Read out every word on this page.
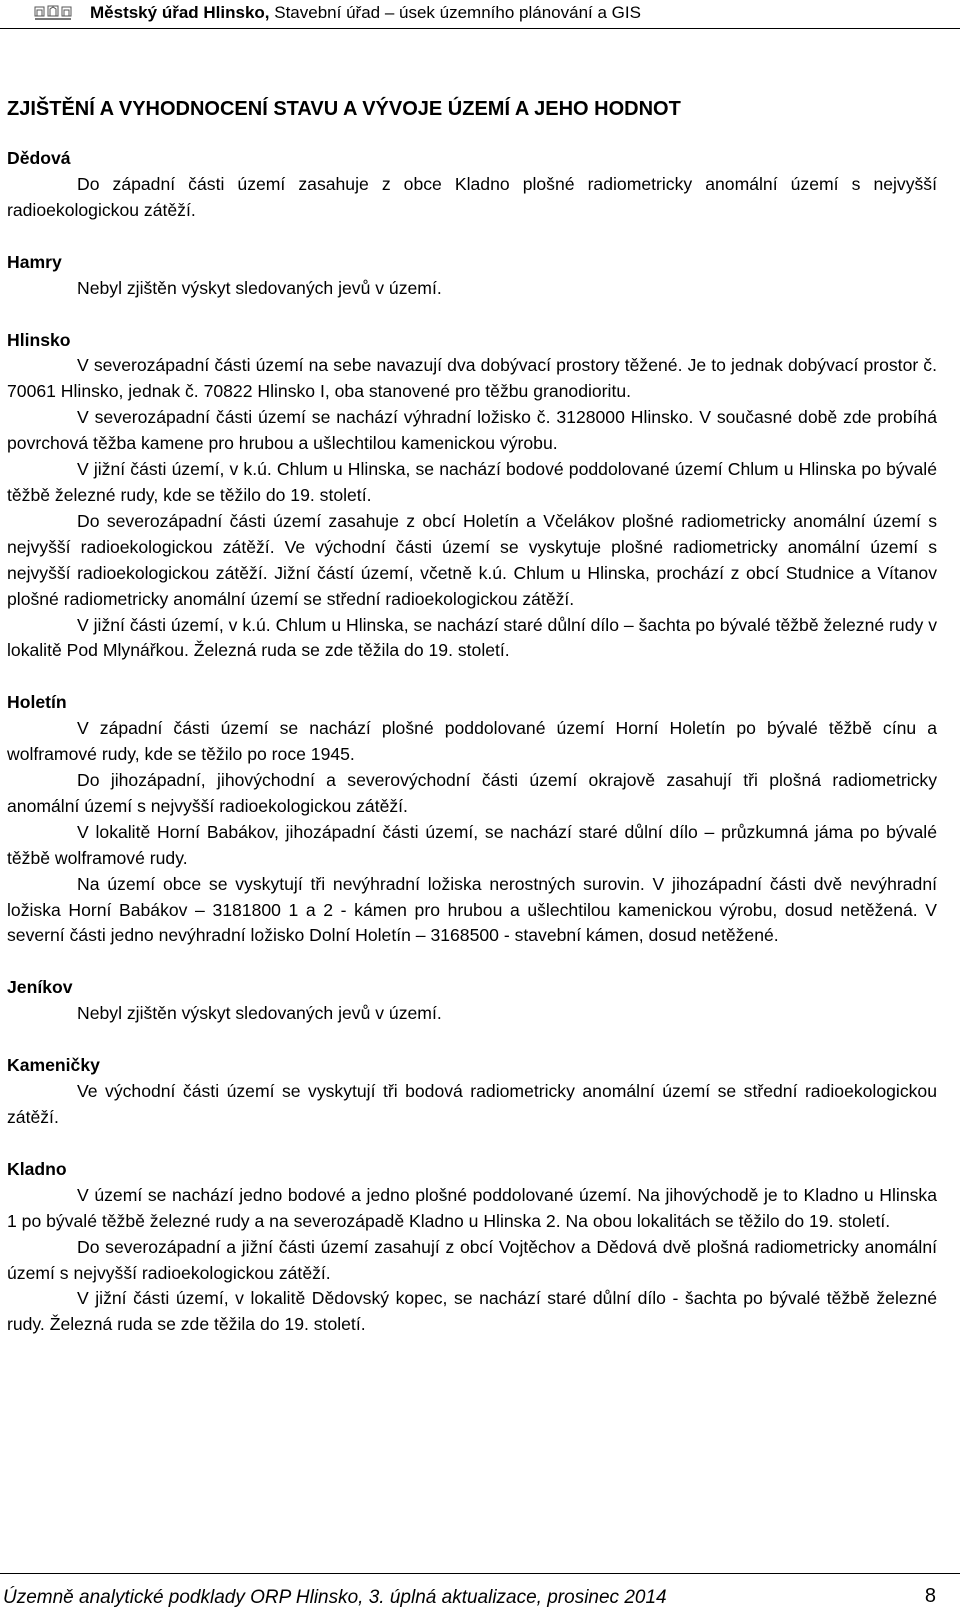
Městský úřad Hlinsko, Stavební úřad – úsek územního plánování a GIS
ZJIŠTĚNÍ A VYHODNOCENÍ STAVU A VÝVOJE ÚZEMÍ A JEHO HODNOT
Dědová

Do západní části území zasahuje z obce Kladno plošné radiometricky anomální území s nejvyšší radioekologickou zátěží.

Hamry

Nebyl zjištěn výskyt sledovaných jevů v území.

Hlinsko

V severozápadní části území na sebe navazují dva dobývací prostory těžené. Je to jednak dobývací prostor č. 70061 Hlinsko, jednak č. 70822 Hlinsko I, oba stanovené pro těžbu granodioritu.

V severozápadní části území se nachází výhradní ložisko č. 3128000 Hlinsko. V současné době zde probíhá povrchová těžba kamene pro hrubou a ušlechtilou kamenickou výrobu.

V jižní části území, v k.ú. Chlum u Hlinska, se nachází bodové poddolované území Chlum u Hlinska po bývalé těžbě železné rudy, kde se těžilo do 19. století.

Do severozápadní části území zasahuje z obcí Holetín a Včelákov plošné radiometricky anomální území s nejvyšší radioekologickou zátěží. Ve východní části území se vyskytuje plošné radiometricky anomální území s nejvyšší radioekologickou zátěží. Jižní částí území, včetně k.ú. Chlum u Hlinska, prochází z obcí Studnice a Vítanov plošné radiometricky anomální území se střední radioekologickou zátěží.

V jižní části území, v k.ú. Chlum u Hlinska, se nachází staré důlní dílo – šachta po bývalé těžbě železné rudy v lokalitě Pod Mlynářkou. Železná ruda se zde těžila do 19. století.

Holetín

V západní části území se nachází plošné poddolované území Horní Holetín po bývalé těžbě cínu a wolframové rudy, kde se těžilo po roce 1945.

Do jihozápadní, jihovýchodní a severovýchodní části území okrajově zasahují tři plošná radiometricky anomální území s nejvyšší radioekologickou zátěží.

V lokalitě Horní Babákov, jihozápadní části území, se nachází staré důlní dílo – průzkumná jáma po bývalé těžbě wolframové rudy.

Na území obce se vyskytují tři nevýhradní ložiska nerostných surovin. V jihozápadní části dvě nevýhradní ložiska Horní Babákov – 3181800 1 a 2 - kámen pro hrubou a ušlechtilou kamenickou výrobu, dosud netěžená. V severní části jedno nevýhradní ložisko Dolní Holetín – 3168500 - stavební kámen, dosud netěžené.

Jeníkov

Nebyl zjištěn výskyt sledovaných jevů v území.

Kameničky

Ve východní části území se vyskytují tři bodová radiometricky anomální území se střední radioekologickou zátěží.

Kladno

V území se nachází jedno bodové a jedno plošné poddolované území. Na jihovýchodě je to Kladno u Hlinska 1 po bývalé těžbě železné rudy a na severozápadě Kladno u Hlinska 2. Na obou lokalitách se těžilo do 19. století.

Do severozápadní a jižní části území zasahují z obcí Vojtěchov a Dědová dvě plošná radiometricky anomální území s nejvyšší radioekologickou zátěží.

V jižní části území, v lokalitě Dědovský kopec, se nachází staré důlní dílo - šachta po bývalé těžbě železné rudy. Železná ruda se zde těžila do 19. století.

Územně analytické podklady ORP Hlinsko, 3. úplná aktualizace, prosinec 2014	8
